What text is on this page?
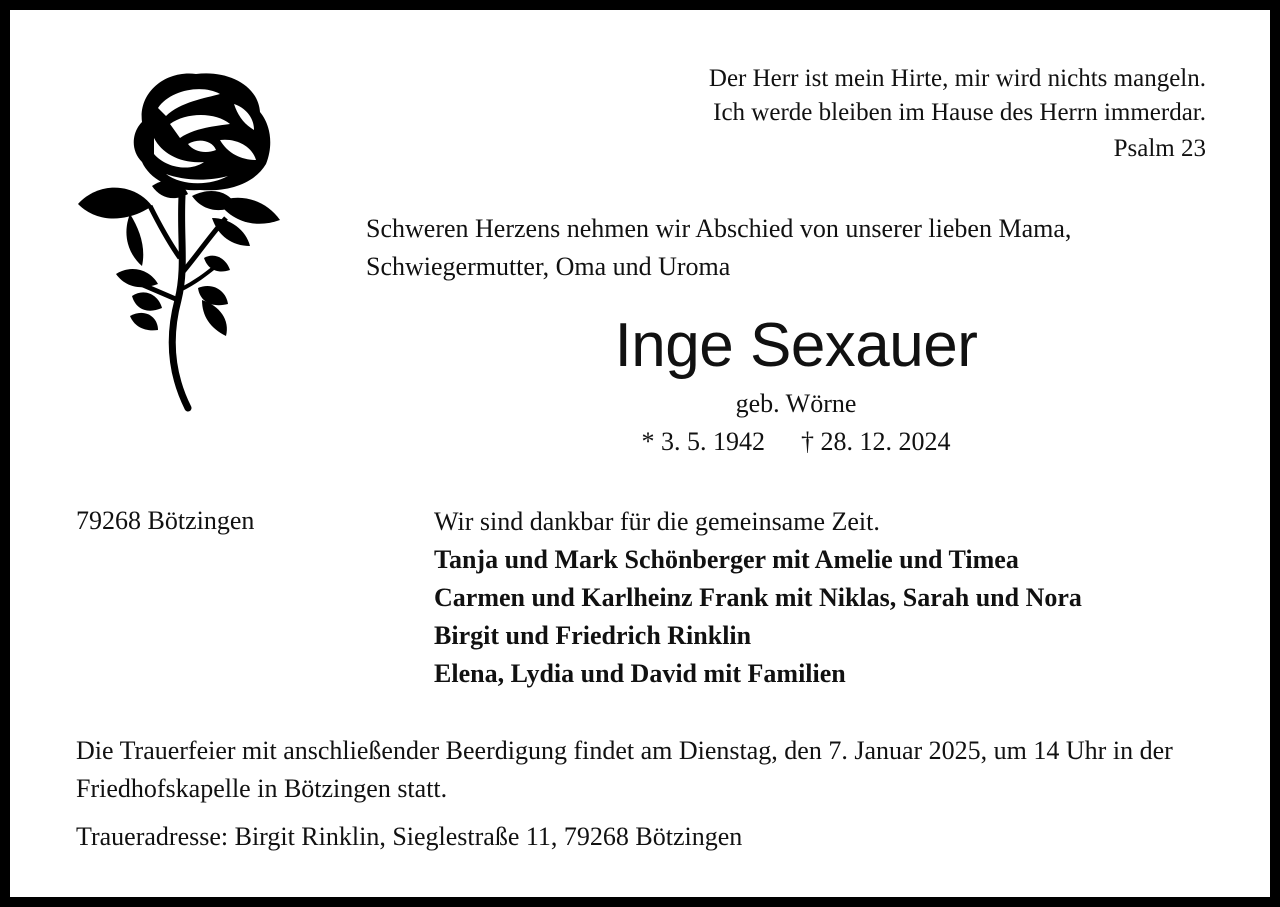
Der Herr ist mein Hirte, mir wird nichts mangeln.
Ich werde bleiben im Hause des Herrn immerdar.
Psalm 23
Schweren Herzens nehmen wir Abschied von unserer lieben Mama,
Schwiegermutter, Oma und Uroma
Inge Sexauer
geb. Wörne
* 3. 5. 1942 † 28. 12. 2024
79268 Bötzingen	Wir sind dankbar für die gemeinsame Zeit.
Tanja und Mark Schönberger mit Amelie und Timea
Carmen und Karlheinz Frank mit Niklas, Sarah und Nora
Birgit und Friedrich Rinklin
Elena, Lydia und David mit Familien
Die Trauerfeier mit anschließender Beerdigung findet am Dienstag, den 7. Januar 2025, um 14 Uhr in der Friedhofskapelle in Bötzingen statt.
Traueradresse: Birgit Rinklin, Sieglestraße 11, 79268 Bötzingen
